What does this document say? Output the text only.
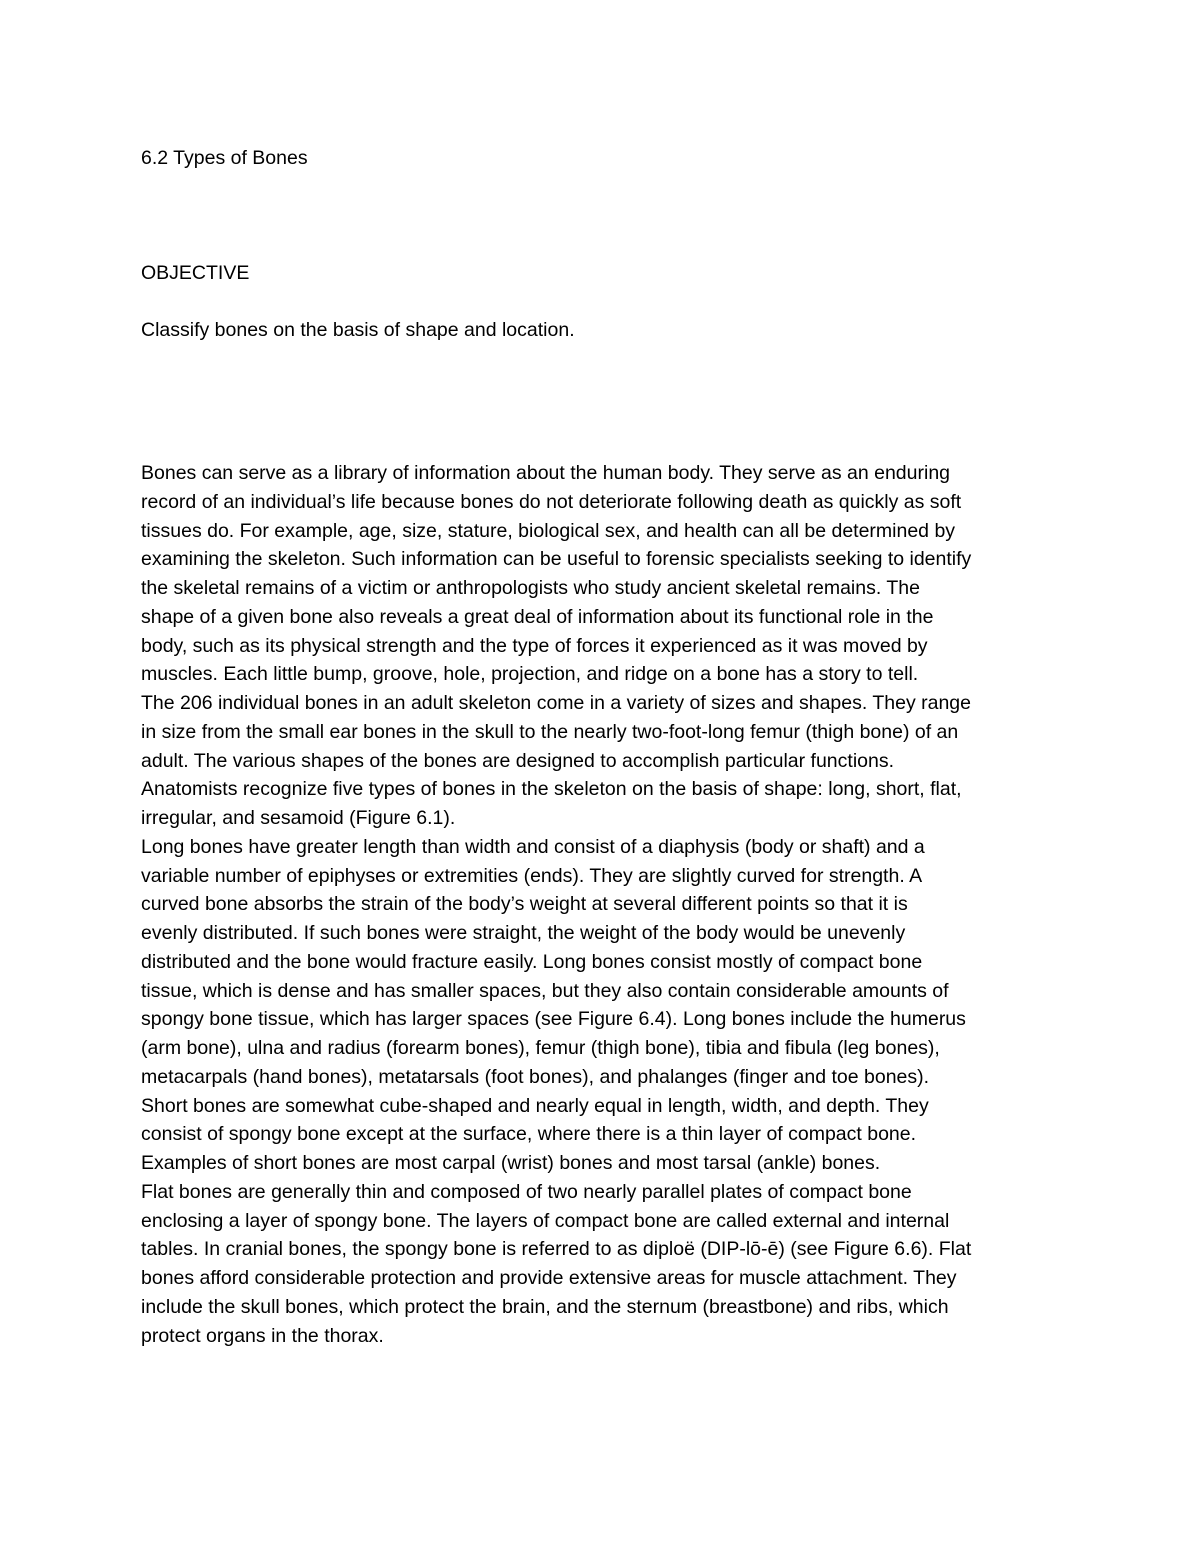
6.2 Types of Bones
OBJECTIVE
Classify bones on the basis of shape and location.
Bones can serve as a library of information about the human body. They serve as an enduring
record of an individual’s life because bones do not deteriorate following death as quickly as soft
tissues do. For example, age, size, stature, biological sex, and health can all be determined by
examining the skeleton. Such information can be useful to forensic specialists seeking to identify
the skeletal remains of a victim or anthropologists who study ancient skeletal remains. The
shape of a given bone also reveals a great deal of information about its functional role in the
body, such as its physical strength and the type of forces it experienced as it was moved by
muscles. Each little bump, groove, hole, projection, and ridge on a bone has a story to tell.
The 206 individual bones in an adult skeleton come in a variety of sizes and shapes. They range
in size from the small ear bones in the skull to the nearly two-foot-long femur (thigh bone) of an
adult. The various shapes of the bones are designed to accomplish particular functions.
Anatomists recognize five types of bones in the skeleton on the basis of shape: long, short, flat,
irregular, and sesamoid (Figure 6.1).
Long bones have greater length than width and consist of a diaphysis (body or shaft) and a
variable number of epiphyses or extremities (ends). They are slightly curved for strength. A
curved bone absorbs the strain of the body’s weight at several different points so that it is
evenly distributed. If such bones were straight, the weight of the body would be unevenly
distributed and the bone would fracture easily. Long bones consist mostly of compact bone
tissue, which is dense and has smaller spaces, but they also contain considerable amounts of
spongy bone tissue, which has larger spaces (see Figure 6.4). Long bones include the humerus
(arm bone), ulna and radius (forearm bones), femur (thigh bone), tibia and fibula (leg bones),
metacarpals (hand bones), metatarsals (foot bones), and phalanges (finger and toe bones).
Short bones are somewhat cube-shaped and nearly equal in length, width, and depth. They
consist of spongy bone except at the surface, where there is a thin layer of compact bone.
Examples of short bones are most carpal (wrist) bones and most tarsal (ankle) bones.
Flat bones are generally thin and composed of two nearly parallel plates of compact bone
enclosing a layer of spongy bone. The layers of compact bone are called external and internal
tables. In cranial bones, the spongy bone is referred to as diploë (DIP-lō-ē) (see Figure 6.6). Flat
bones afford considerable protection and provide extensive areas for muscle attachment. They
include the skull bones, which protect the brain, and the sternum (breastbone) and ribs, which
protect organs in the thorax.
